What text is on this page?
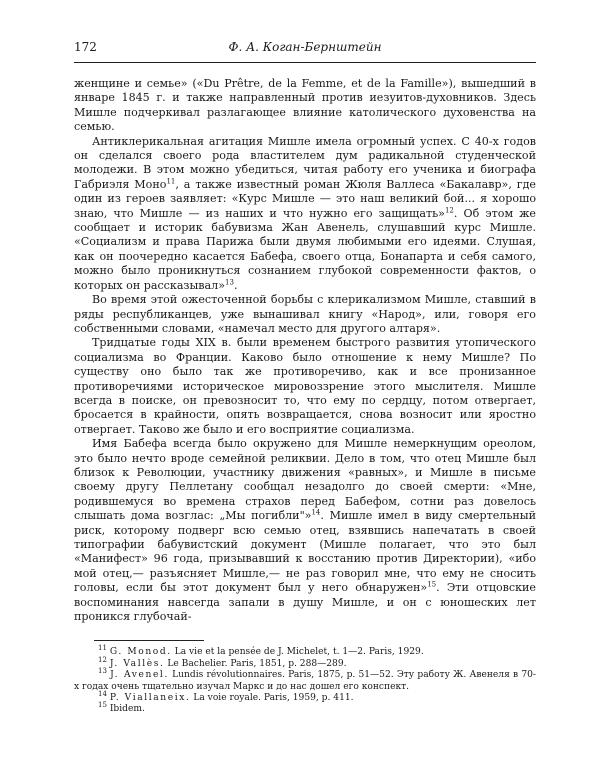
172	Ф. А. Коган-Бернштейн

женщине и семье» («Du Prêtre, de la Femme, et de la Famille»), вышедший в январе 1845 г. и также направленный против иезуитов-духовников. Здесь Мишле подчеркивал разлагающее влияние католического духовенства на семью.

Антиклерикальная агитация Мишле имела огромный успех. С 40-х годов он сделался своего рода властителем дум радикальной студенческой молодежи. В этом можно убедиться, читая работу его ученика и биографа Габриэля Моно$^{11}$, а также известный роман Жюля Валлеса «Бакалавр», где один из героев заявляет: «Курс Мишле — это наш великий бой... я хорошо знаю, что Мишле — из наших и что нужно его защищать»$^{12}$. Об этом же сообщает и историк бабувизма Жан Авенель, слушавший курс Мишле. «Социализм и права Парижа были двумя любимыми его идеями. Слушая, как он поочередно касается Бабефа, своего отца, Бонапарта и себя самого, можно было проникнуться сознанием глубокой современности фактов, о которых он рассказывал»$^{13}$.

Во время этой ожесточенной борьбы с клерикализмом Мишле, ставший в ряды республиканцев, уже вынашивал книгу «Народ», или, говоря его собственными словами, «намечал место для другого алтаря».

Тридцатые годы XIX в. были временем быстрого развития утопического социализма во Франции. Каково было отношение к нему Мишле? По существу оно было так же противоречиво, как и все пронизанное противоречиями историческое мировоззрение этого мыслителя. Мишле всегда в поиске, он превозносит то, что ему по сердцу, потом отвергает, бросается в крайности, опять возвращается, снова возносит или яростно отвергает. Таково же было и его восприятие социализма.

Имя Бабефа всегда было окружено для Мишле немеркнущим ореолом, это было нечто вроде семейной реликвии. Дело в том, что отец Мишле был близок к Революции, участнику движения «равных», и Мишле в письме своему другу Пеллетану сообщал незадолго до своей смерти: «Мне, родившемуся во времена страхов перед Бабефом, сотни раз довелось слышать дома возглас: „Мы погибли"»$^{14}$. Мишле имел в виду смертельный риск, которому подверг всю семью отец, взявшись напечатать в своей типографии бабувистский документ (Мишле полагает, что это был «Манифест» 96 года, призывавший к восстанию против Директории), «ибо мой отец,— разъясняет Мишле,— не раз говорил мне, что ему не сносить головы, если бы этот документ был у него обнаружен»$^{15}$. Эти отцовские воспоминания навсегда запали в душу Мишле, и он с юношеских лет проникся глубочай-

$^{11}$ G. Monod. La vie et la pensée de J. Michelet, t. 1—2. Paris, 1929.

$^{12}$ J. Vallès. Le Bachelier. Paris, 1851, p. 288—289.

$^{13}$ J. Avenel. Lundis révolutionnaires. Paris, 1875, p. 51—52. Эту работу Ж. Авенеля в 70-х годах очень тщательно изучал Маркс и до нас дошел его конспект.

$^{14}$ P. Viallaneix. La voie royale. Paris, 1959, p. 411.

$^{15}$ Ibidem.
